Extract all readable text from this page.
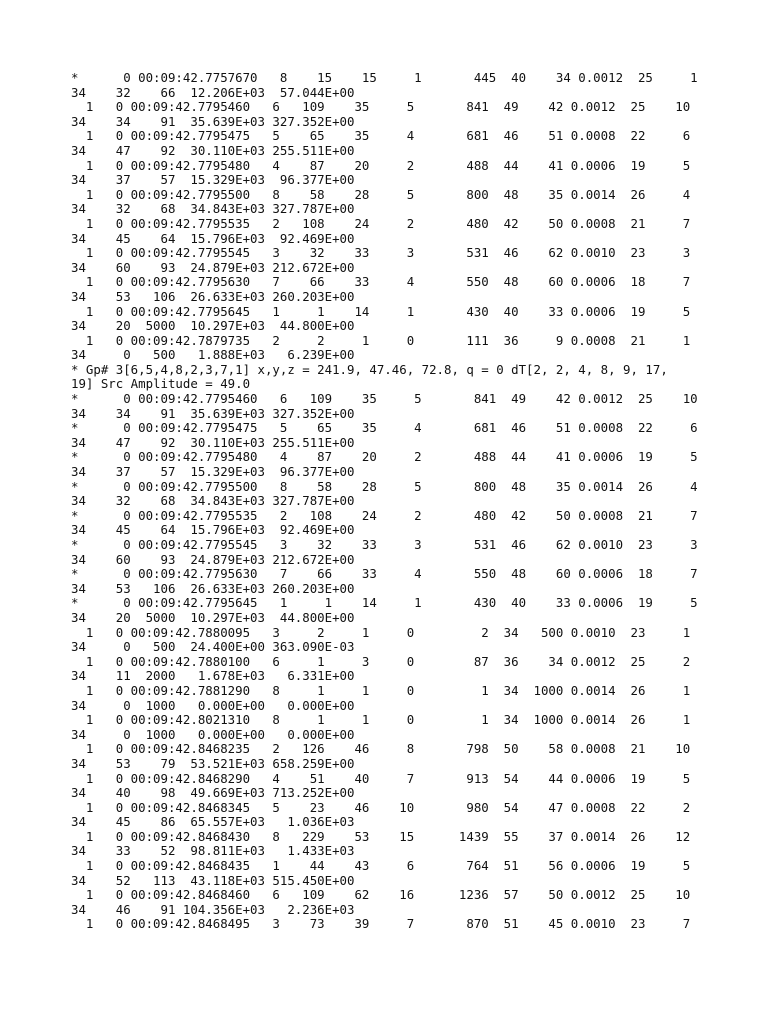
*      0 00:09:42.7757670   8    15    15     1       445  40    34 0.0012  25     1
34    32    66  12.206E+03  57.044E+00
1   0 00:09:42.7795460   6   109    35     5       841  49    42 0.0012  25    10
34    34    91  35.639E+03 327.352E+00
1   0 00:09:42.7795475   5    65    35     4       681  46    51 0.0008  22     6
34    47    92  30.110E+03 255.511E+00
1   0 00:09:42.7795480   4    87    20     2       488  44    41 0.0006  19     5
34    37    57  15.329E+03  96.377E+00
1   0 00:09:42.7795500   8    58    28     5       800  48    35 0.0014  26     4
34    32    68  34.843E+03 327.787E+00
1   0 00:09:42.7795535   2   108    24     2       480  42    50 0.0008  21     7
34    45    64  15.796E+03  92.469E+00
1   0 00:09:42.7795545   3    32    33     3       531  46    62 0.0010  23     3
34    60    93  24.879E+03 212.672E+00
1   0 00:09:42.7795630   7    66    33     4       550  48    60 0.0006  18     7
34    53   106  26.633E+03 260.203E+00
1   0 00:09:42.7795645   1     1    14     1       430  40    33 0.0006  19     5
34    20  5000  10.297E+03  44.800E+00
1   0 00:09:42.7879735   2     2     1     0       111  36     9 0.0008  21     1
34     0   500   1.888E+03   6.239E+00
* Gp# 3[6,5,4,8,2,3,7,1] x,y,z = 241.9, 47.46, 72.8, q = 0 dT[2, 2, 4, 8, 9, 17,
19] Src Amplitude = 49.0
*      0 00:09:42.7795460   6   109    35     5       841  49    42 0.0012  25    10
34    34    91  35.639E+03 327.352E+00
*      0 00:09:42.7795475   5    65    35     4       681  46    51 0.0008  22     6
34    47    92  30.110E+03 255.511E+00
*      0 00:09:42.7795480   4    87    20     2       488  44    41 0.0006  19     5
34    37    57  15.329E+03  96.377E+00
*      0 00:09:42.7795500   8    58    28     5       800  48    35 0.0014  26     4
34    32    68  34.843E+03 327.787E+00
*      0 00:09:42.7795535   2   108    24     2       480  42    50 0.0008  21     7
34    45    64  15.796E+03  92.469E+00
*      0 00:09:42.7795545   3    32    33     3       531  46    62 0.0010  23     3
34    60    93  24.879E+03 212.672E+00
*      0 00:09:42.7795630   7    66    33     4       550  48    60 0.0006  18     7
34    53   106  26.633E+03 260.203E+00
*      0 00:09:42.7795645   1     1    14     1       430  40    33 0.0006  19     5
34    20  5000  10.297E+03  44.800E+00
1   0 00:09:42.7880095   3     2     1     0         2  34   500 0.0010  23     1
34     0   500  24.400E+00 363.090E-03
1   0 00:09:42.7880100   6     1     3     0        87  36    34 0.0012  25     2
34    11  2000   1.678E+03   6.331E+00
1   0 00:09:42.7881290   8     1     1     0         1  34  1000 0.0014  26     1
34     0  1000   0.000E+00   0.000E+00
1   0 00:09:42.8021310   8     1     1     0         1  34  1000 0.0014  26     1
34     0  1000   0.000E+00   0.000E+00
1   0 00:09:42.8468235   2   126    46     8       798  50    58 0.0008  21    10
34    53    79  53.521E+03 658.259E+00
1   0 00:09:42.8468290   4    51    40     7       913  54    44 0.0006  19     5
34    40    98  49.669E+03 713.252E+00
1   0 00:09:42.8468345   5    23    46    10       980  54    47 0.0008  22     2
34    45    86  65.557E+03   1.036E+03
1   0 00:09:42.8468430   8   229    53    15      1439  55    37 0.0014  26    12
34    33    52  98.811E+03   1.433E+03
1   0 00:09:42.8468435   1    44    43     6       764  51    56 0.0006  19     5
34    52   113  43.118E+03 515.450E+00
1   0 00:09:42.8468460   6   109    62    16      1236  57    50 0.0012  25    10
34    46    91 104.356E+03   2.236E+03
1   0 00:09:42.8468495   3    73    39     7       870  51    45 0.0010  23     7
